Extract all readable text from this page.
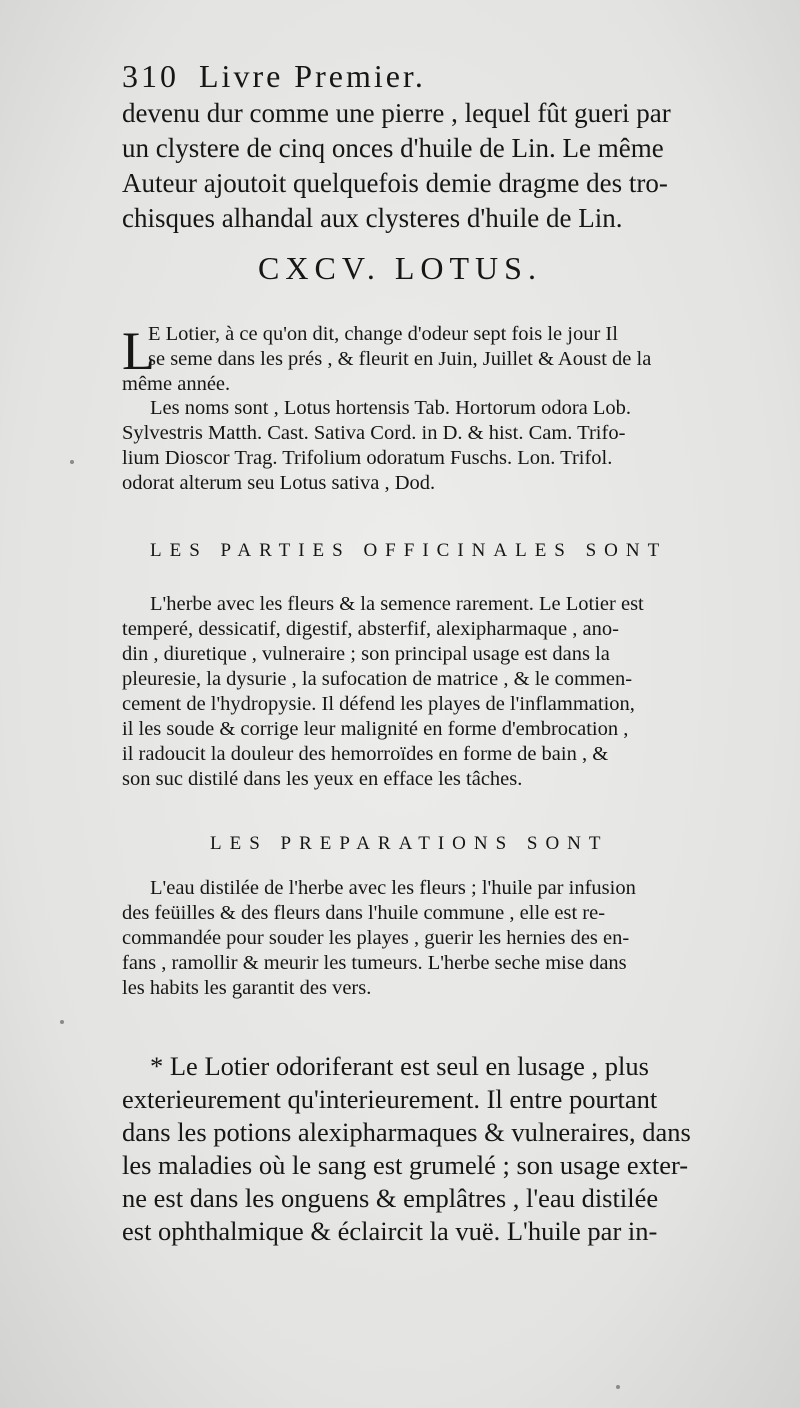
310 Livre Premier.
devenu dur comme une pierre , lequel fût gueri par
un clystere de cinq onces d'huile de Lin. Le même
Auteur ajoutoit quelquefois demie dragme des tro-
chisques alhandal aux clysteres d'huile de Lin.
CXCV. LOTUS.
L
E Lotier, à ce qu'on dit, change d'odeur sept fois le jour Il
se seme dans les prés , & fleurit en Juin, Juillet & Aoust de la
même année.
Les noms sont , Lotus hortensis Tab. Hortorum odora Lob.
Sylvestris Matth. Cast. Sativa Cord. in D. & hist. Cam. Trifo-
lium Dioscor Trag. Trifolium odoratum Fuschs. Lon. Trifol.
odorat alterum seu Lotus sativa , Dod.
LES PARTIES OFFICINALES SONT
L'herbe avec les fleurs & la semence rarement. Le Lotier est
temperé, dessicatif, digestif, absterfif, alexipharmaque , ano-
din , diuretique , vulneraire ; son principal usage est dans la
pleuresie, la dysurie , la sufocation de matrice , & le commen-
cement de l'hydropysie. Il défend les playes de l'inflammation,
il les soude & corrige leur malignité en forme d'embrocation ,
il radoucit la douleur des hemorroïdes en forme de bain , &
son suc distilé dans les yeux en efface les tâches.
LES PREPARATIONS SONT
L'eau distilée de l'herbe avec les fleurs ; l'huile par infusion
des feüilles & des fleurs dans l'huile commune , elle est re-
commandée pour souder les playes , guerir les hernies des en-
fans , ramollir & meurir les tumeurs. L'herbe seche mise dans
les habits les garantit des vers.
* Le Lotier odoriferant est seul en lusage , plus
exterieurement qu'interieurement. Il entre pourtant
dans les potions alexipharmaques & vulneraires, dans
les maladies où le sang est grumelé ; son usage exter-
ne est dans les onguens & emplâtres , l'eau distilée
est ophthalmique & éclaircit la vuë. L'huile par in-
